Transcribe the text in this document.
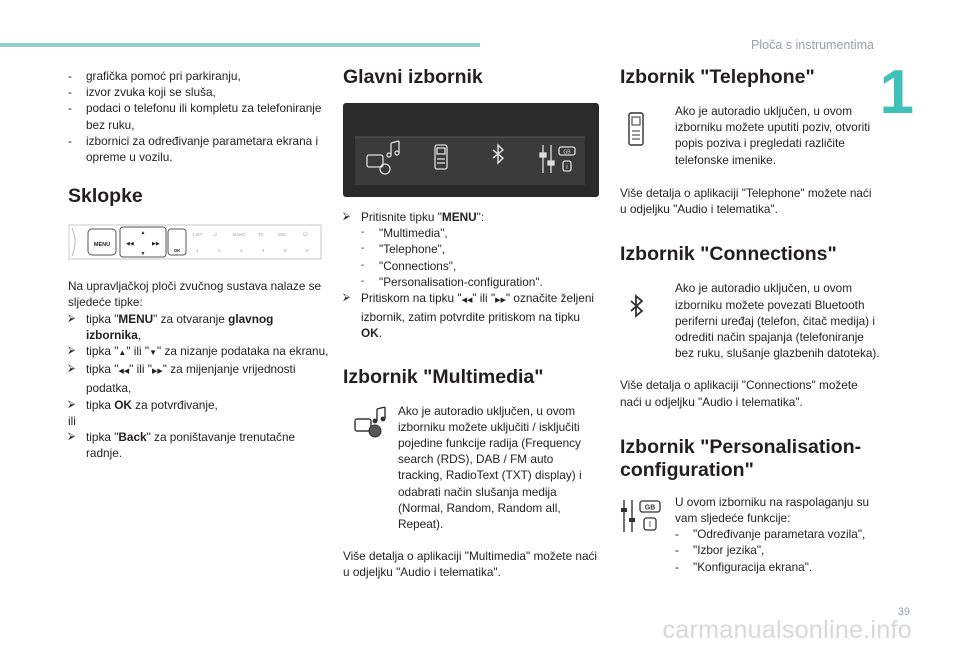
Ploča s instrumentima
1
- grafička pomoć pri parkiranju,
- izvor zvuka koji se sluša,
- podaci o telefonu ili kompletu za telefoniranje bez ruku,
- izbornici za određivanje parametara ekrana i opreme u vozilu.
Sklopke
MENU
▲
▼
◀◀	▶▶
OK
LIST ♫	BAND	TA	MIC	⏻
1	2	3	4	5	6

Na upravljačkoj ploči zvučnog sustava nalaze se sljedeće tipke:

⮚ tipka "MENU" za otvaranje glavnog izbornika,
⮚ tipka "▲" ili "▼" za nizanje podataka na ekranu,
⮚ tipka "◀◀" ili "▶▶" za mijenjanje vrijednosti podatka,
⮚ tipka OK za potvrđivanje,

ili

⮚ tipka "Back" za poništavanje trenutačne radnje.
Glavni izbornik
GB
I
⮚ Pritisnite tipku "MENU":
- "Multimedia",
- "Telephone",
- "Connections",
- "Personalisation-configuration".
⮚ Pritiskom na tipku "◀◀" ili "▶▶" označite željeni izbornik, zatim potvrdite pritiskom na tipku OK.
Izbornik "Multimedia"

Ako je autoradio uključen, u ovom izborniku možete uključiti / isključiti pojedine funkcije radija (Frequency search (RDS), DAB / FM auto tracking, RadioText (TXT) display) i odabrati način slušanja medija (Normal, Random, Random all, Repeat).

Više detalja o aplikaciji "Multimedia" možete naći u odjeljku "Audio i telematika".

Izbornik "Telephone"

Ako je autoradio uključen, u ovom izborniku možete uputiti poziv, otvoriti popis poziva i pregledati različite telefonske imenike.

Više detalja o aplikaciji "Telephone" možete naći u odjeljku "Audio i telematika".

Izbornik "Connections"

Ako je autoradio uključen, u ovom izborniku možete povezati Bluetooth periferni uređaj (telefon, čitač medija) i odrediti način spajanja (telefoniranje bez ruku, slušanje glazbenih datoteka).

Više detalja o aplikaciji "Connections" možete naći u odjeljku "Audio i telematika".

Izbornik "Personalisation-
configuration"
GB
I

U ovom izborniku na raspolaganju su vam sljedeće funkcije:

- "Određivanje parametara vozila",
- "Izbor jezika",
- "Konfiguracija ekrana".
39
carmanualsonline.info
